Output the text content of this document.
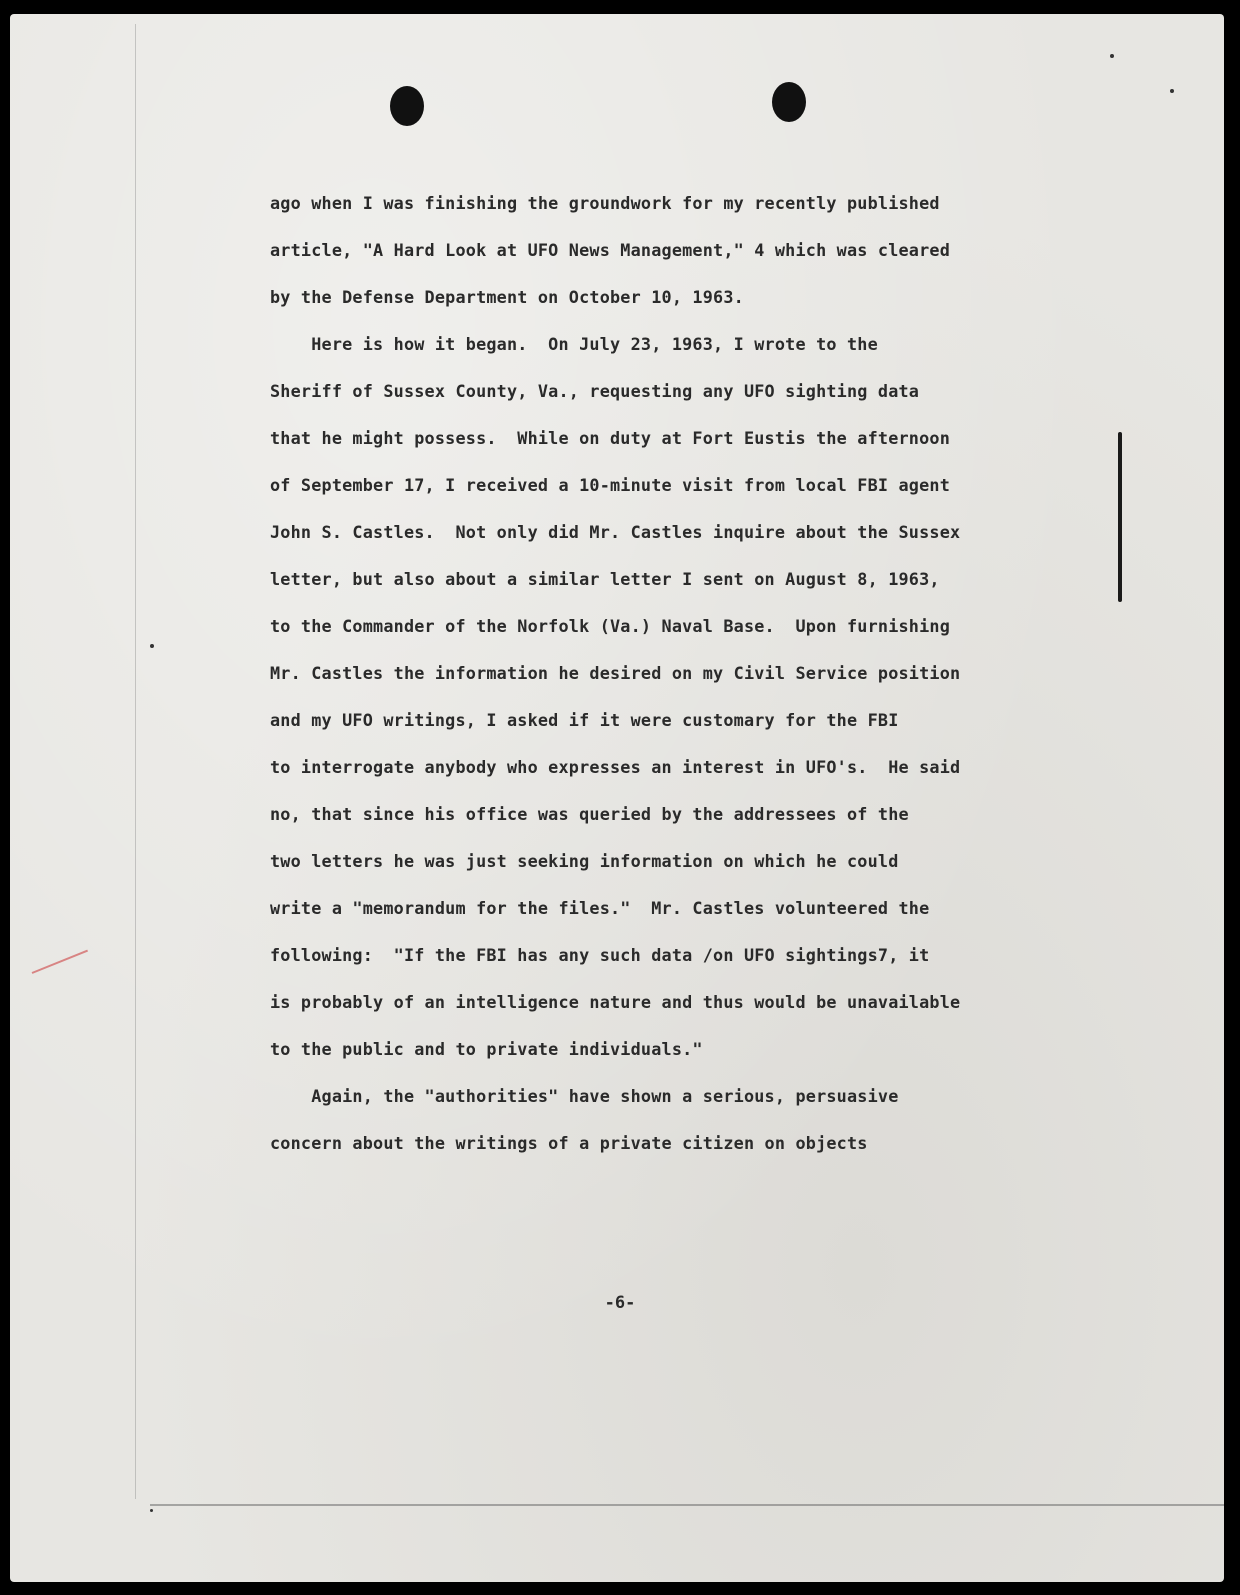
ago when I was finishing the groundwork for my recently published
article, "A Hard Look at UFO News Management," 4 which was cleared
by the Defense Department on October 10, 1963.
Here is how it began.  On July 23, 1963, I wrote to the
Sheriff of Sussex County, Va., requesting any UFO sighting data
that he might possess.  While on duty at Fort Eustis the afternoon
of September 17, I received a 10-minute visit from local FBI agent
John S. Castles.  Not only did Mr. Castles inquire about the Sussex
letter, but also about a similar letter I sent on August 8, 1963,
to the Commander of the Norfolk (Va.) Naval Base.  Upon furnishing
Mr. Castles the information he desired on my Civil Service position
and my UFO writings, I asked if it were customary for the FBI
to interrogate anybody who expresses an interest in UFO's.  He said
no, that since his office was queried by the addressees of the
two letters he was just seeking information on which he could
write a "memorandum for the files."  Mr. Castles volunteered the
following:  "If the FBI has any such data /on UFO sightings7, it
is probably of an intelligence nature and thus would be unavailable
to the public and to private individuals."
Again, the "authorities" have shown a serious, persuasive
concern about the writings of a private citizen on objects
-6-
